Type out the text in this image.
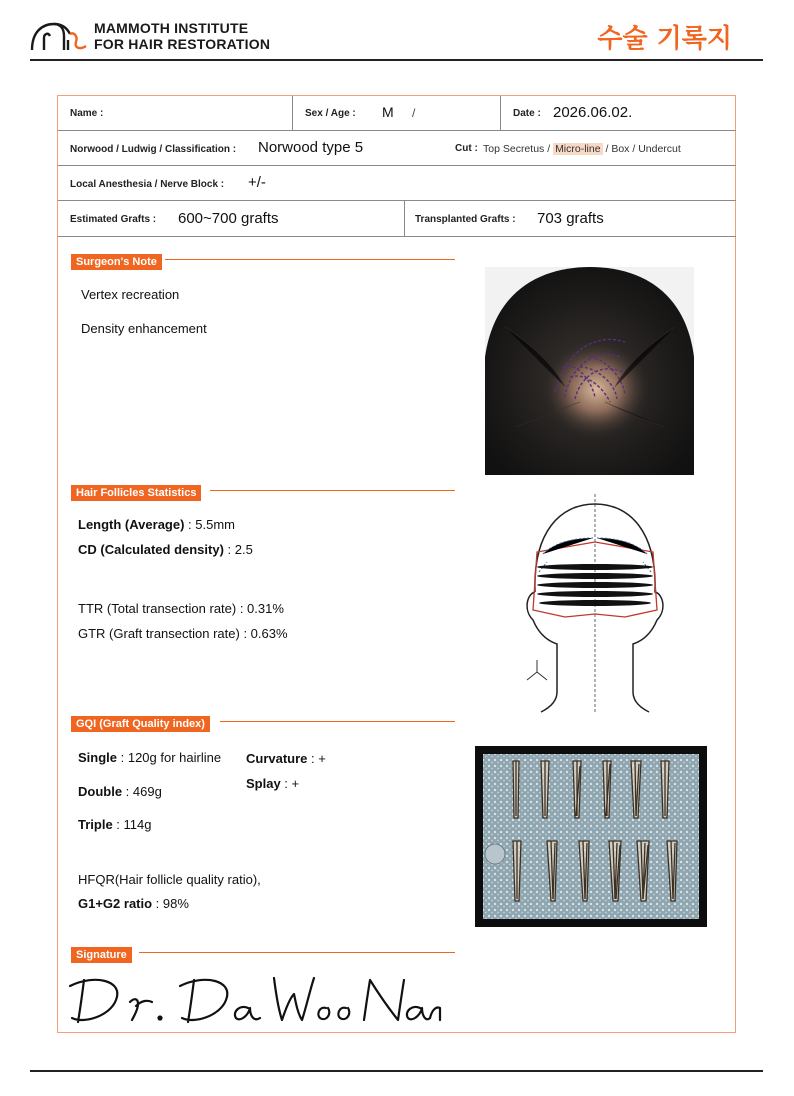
MAMMOTH INSTITUTE
FOR HAIR RESTORATION	수술 기록지
Name :	Sex / Age : M /	Date : 2026.06.02.
Norwood / Ludwig / Classification : Norwood type 5	Cut : Top Secretus / Micro-line / Box / Undercut
Local Anesthesia / Nerve Block : +/-
Estimated Grafts : 600~700 grafts	Transplanted Grafts : 703 grafts
Surgeon's Note
Vertex recreation
Density enhancement
Hair Follicles Statistics
Length (Average) : 5.5mm
CD (Calculated density) : 2.5
TTR (Total transection rate) : 0.31%
GTR (Graft transection rate) : 0.63%
GQI (Graft Quality index)
Single : 120g for hairline
Double : 469g
Triple : 114g
Curvature : +
Splay : +
HFQR(Hair follicle quality ratio),
G1+G2 ratio : 98%
Signature
